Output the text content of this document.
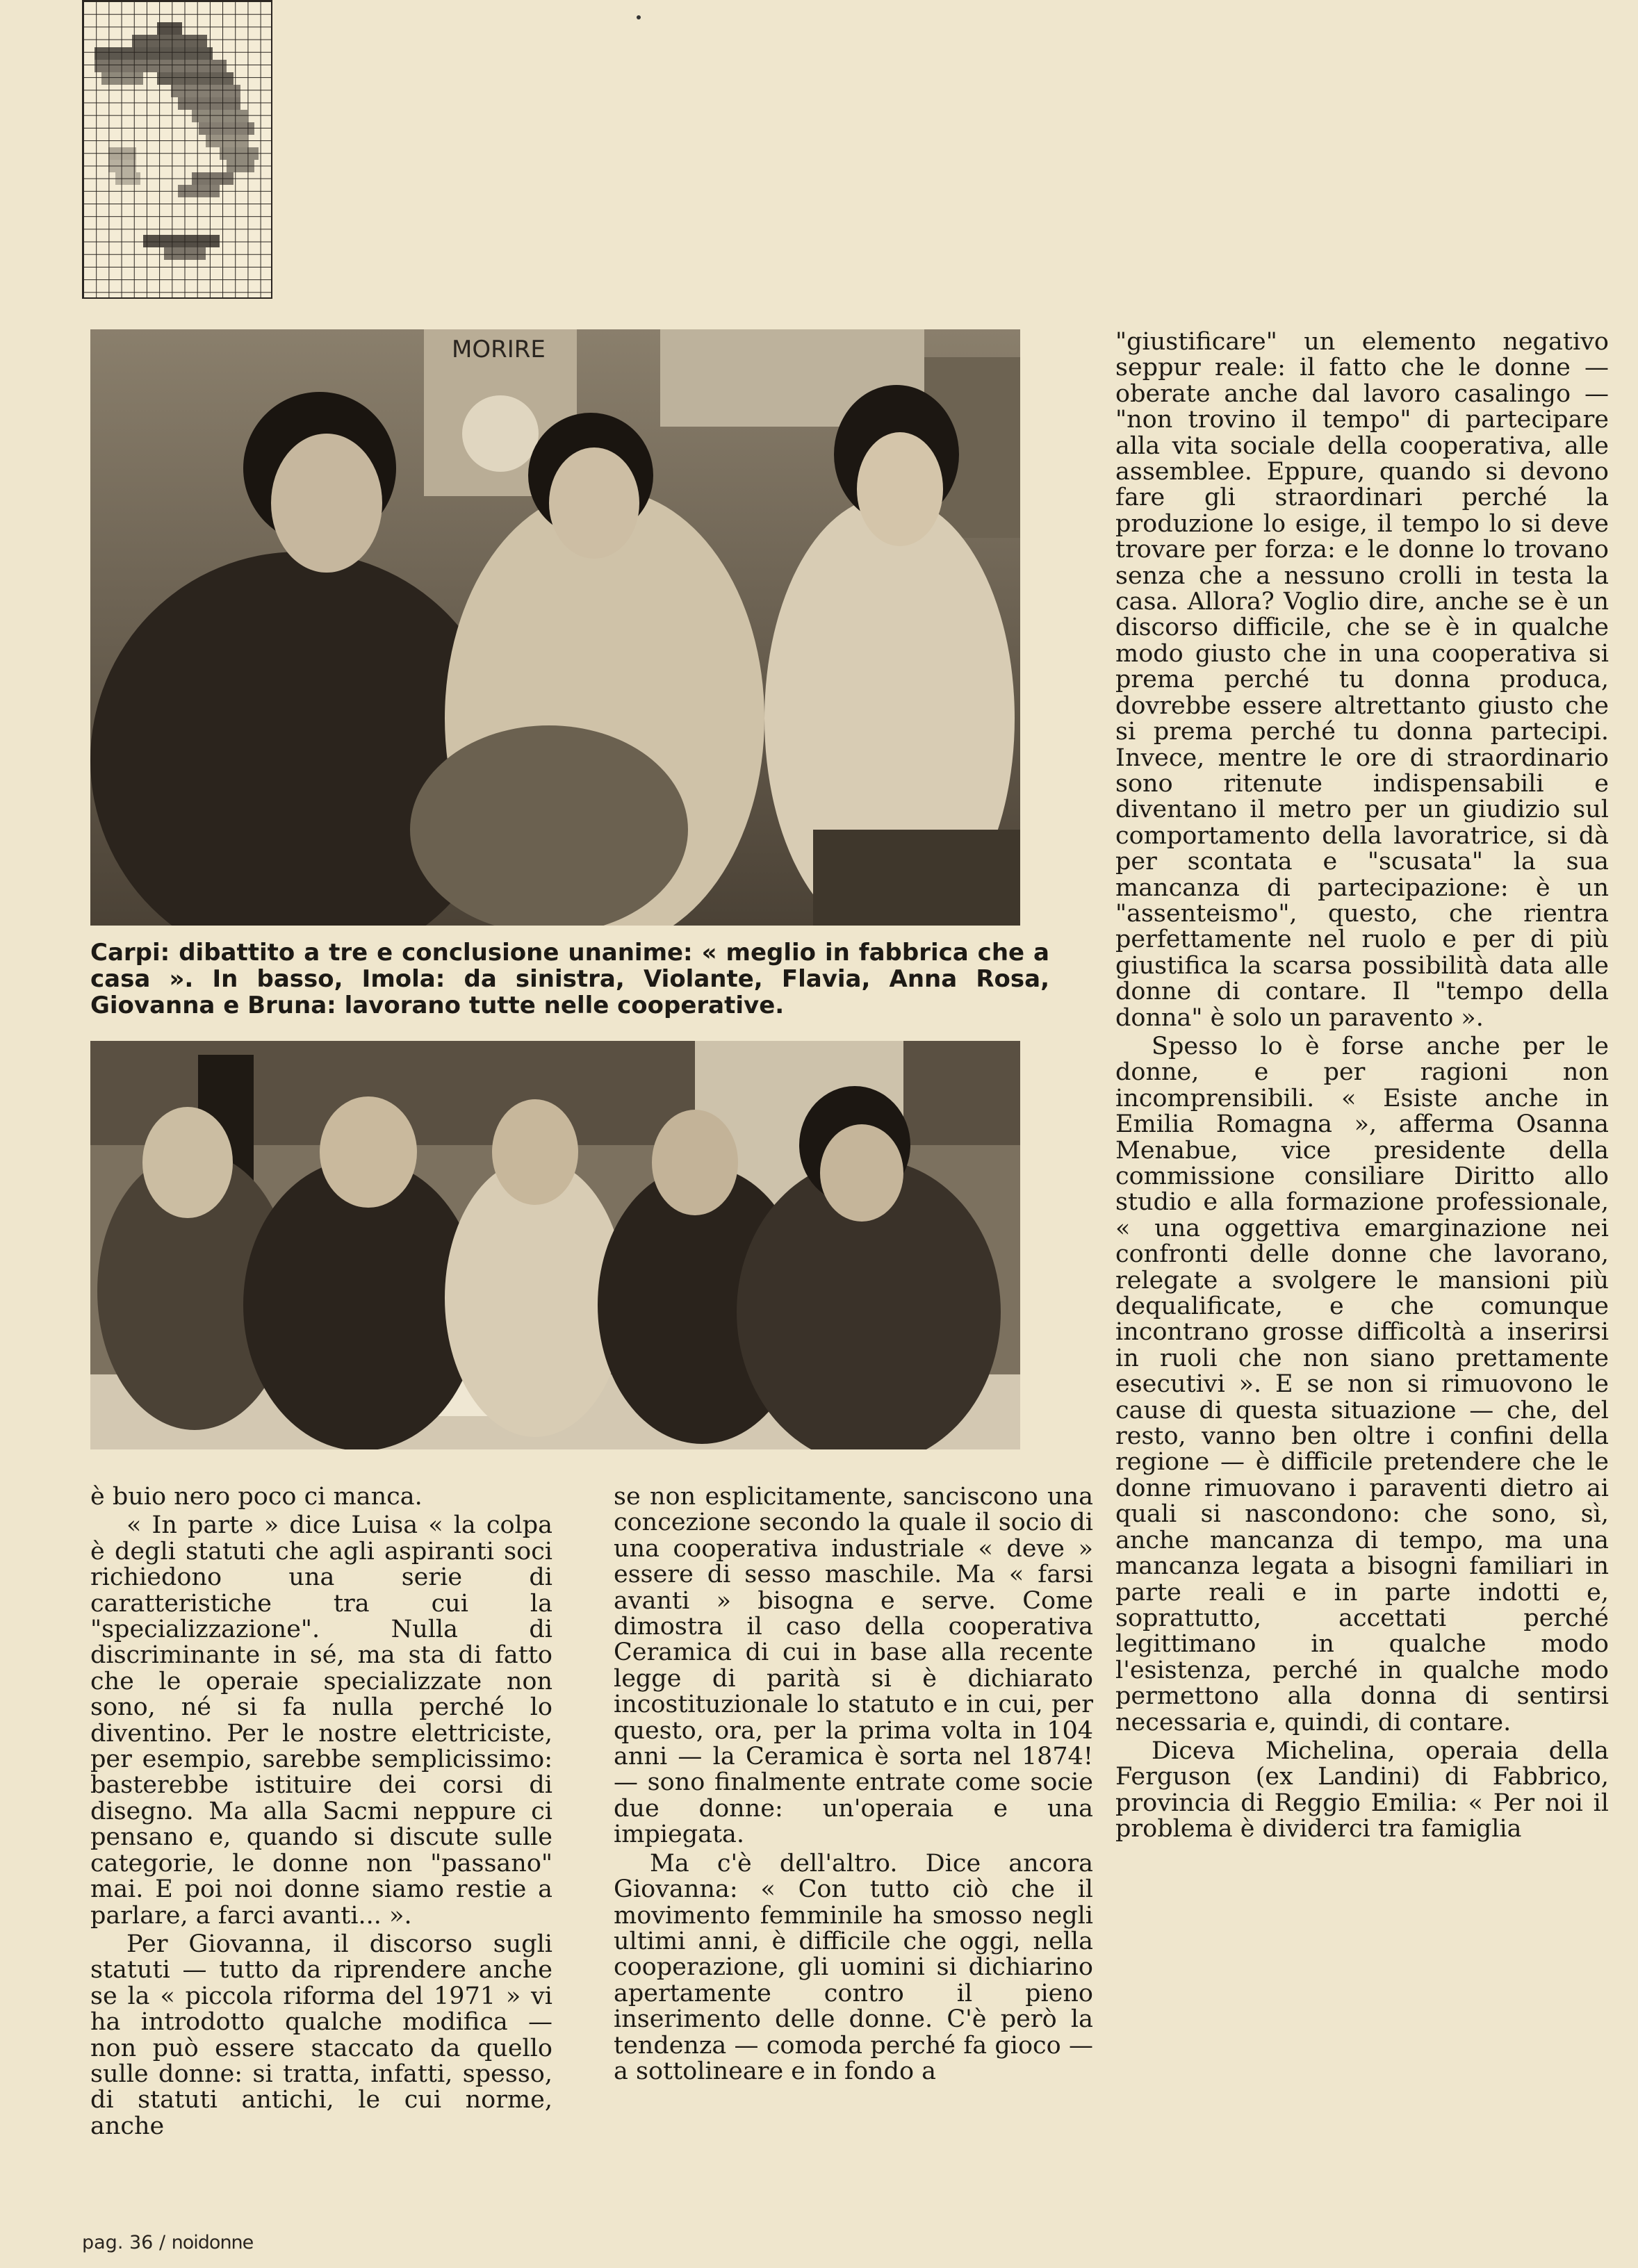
MORIRE
Carpi: dibattito a tre e conclusione unanime: « meglio in fabbrica che a casa ». In basso, Imola: da sinistra, Violante, Flavia, Anna Rosa, Giovanna e Bruna: lavorano tutte nelle cooperative.

è buio nero poco ci manca.

« In parte » dice Luisa « la colpa è degli statuti che agli aspiranti soci richiedono una serie di caratteristiche tra cui la "specializzazione". Nulla di discriminante in sé, ma sta di fatto che le operaie specializzate non sono, né si fa nulla perché lo diventino. Per le nostre elettriciste, per esempio, sarebbe semplicissimo: basterebbe istituire dei corsi di disegno. Ma alla Sacmi neppure ci pensano e, quando si discute sulle categorie, le donne non "passano" mai. E poi noi donne siamo restie a parlare, a farci avanti... ».

Per Giovanna, il discorso sugli statuti — tutto da riprendere anche se la « piccola riforma del 1971 » vi ha introdotto qualche modifica — non può essere staccato da quello sulle donne: si tratta, infatti, spesso, di statuti antichi, le cui norme, anche

se non esplicitamente, sanciscono una concezione secondo la quale il socio di una cooperativa industriale « deve » essere di sesso maschile. Ma « farsi avanti » bisogna e serve. Come dimostra il caso della cooperativa Ceramica di cui in base alla recente legge di parità si è dichiarato incostituzionale lo statuto e in cui, per questo, ora, per la prima volta in 104 anni — la Ceramica è sorta nel 1874! — sono finalmente entrate come socie due donne: un'operaia e una impiegata.

Ma c'è dell'altro. Dice ancora Giovanna: « Con tutto ciò che il movimento femminile ha smosso negli ultimi anni, è difficile che oggi, nella cooperazione, gli uomini si dichiarino apertamente contro il pieno inserimento delle donne. C'è però la tendenza — comoda perché fa gioco — a sottolineare e in fondo a

"giustificare" un elemento negativo seppur reale: il fatto che le donne — oberate anche dal lavoro casalingo — "non trovino il tempo" di partecipare alla vita sociale della cooperativa, alle assemblee. Eppure, quando si devono fare gli straordinari perché la produzione lo esige, il tempo lo si deve trovare per forza: e le donne lo trovano senza che a nessuno crolli in testa la casa. Allora? Voglio dire, anche se è un discorso difficile, che se è in qualche modo giusto che in una cooperativa si prema perché tu donna produca, dovrebbe essere altrettanto giusto che si prema perché tu donna partecipi. Invece, mentre le ore di straordinario sono ritenute indispensabili e diventano il metro per un giudizio sul comportamento della lavoratrice, si dà per scontata e "scusata" la sua mancanza di partecipazione: è un "assenteismo", questo, che rientra perfettamente nel ruolo e per di più giustifica la scarsa possibilità data alle donne di contare. Il "tempo della donna" è solo un paravento ».

Spesso lo è forse anche per le donne, e per ragioni non incomprensibili. « Esiste anche in Emilia Romagna », afferma Osanna Menabue, vice presidente della commissione consiliare Diritto allo studio e alla formazione professionale, « una oggettiva emarginazione nei confronti delle donne che lavorano, relegate a svolgere le mansioni più dequalificate, e che comunque incontrano grosse difficoltà a inserirsi in ruoli che non siano prettamente esecutivi ». E se non si rimuovono le cause di questa situazione — che, del resto, vanno ben oltre i confini della regione — è difficile pretendere che le donne rimuovano i paraventi dietro ai quali si nascondono: che sono, sì, anche mancanza di tempo, ma una mancanza legata a bisogni familiari in parte reali e in parte indotti e, soprattutto, accettati perché legittimano in qualche modo l'esistenza, perché in qualche modo permettono alla donna di sentirsi necessaria e, quindi, di contare.

Diceva Michelina, operaia della Ferguson (ex Landini) di Fabbrico, provincia di Reggio Emilia: « Per noi il problema è dividerci tra famiglia

pag. 36 / noidonne
